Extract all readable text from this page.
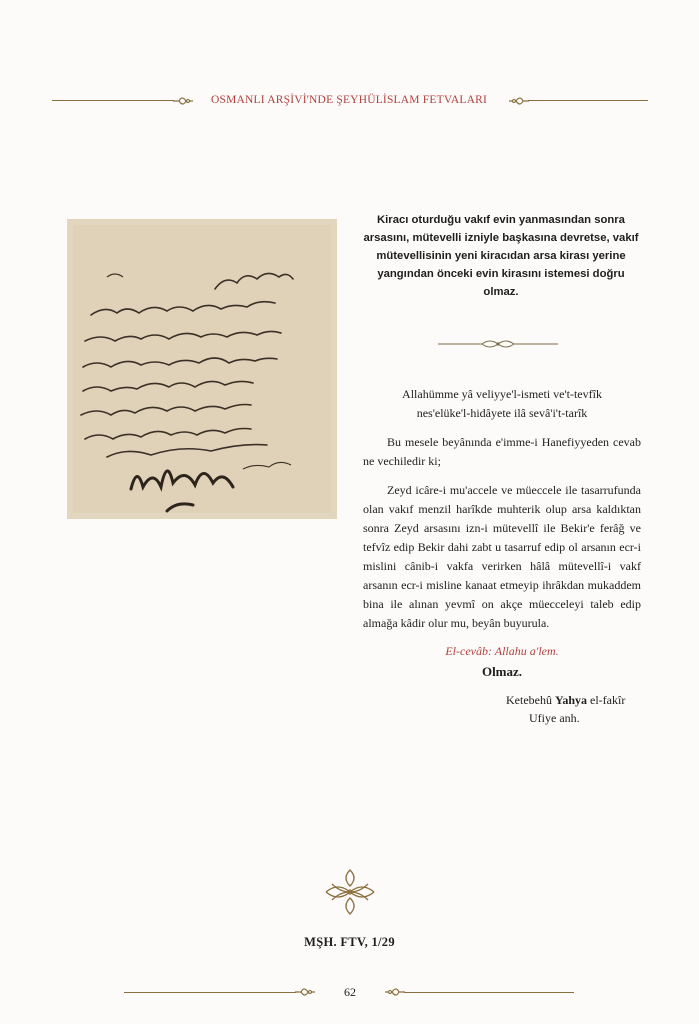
OSMANLI ARŞİVİ'NDE ŞEYHÜLİSLAM FETVALARI
Kiracı oturduğu vakıf evin yanmasından sonra arsasını, mütevelli izniyle başkasına devretse, vakıf mütevellisinin yeni kiracıdan arsa kirası yerine yangından önceki evin kirasını istemesi doğru olmaz.
Allahümme yâ veliyye'l-ismeti ve't-tevfîk
nes'elüke'l-hidâyete ilâ sevâ'i't-tarîk

Bu mesele beyânında e'imme-i Hanefiyyeden cevab ne vechiledir ki;

Zeyd icâre-i mu'accele ve müeccele ile tasarrufunda olan vakıf menzil harîkde muhterik olup arsa kaldıktan sonra Zeyd arsasını izn-i mütevellî ile Bekir'e ferâğ ve tefvîz edip Bekir dahi zabt u tasarruf edip ol arsanın ecr-i mislini cânib-i vakfa verirken hâlâ mütevellî-i vakf arsanın ecr-i misline kanaat etmeyip ihrâkdan mukaddem bina ile alınan yevmî on akçe müecceleyi taleb edip almağa kâdir olur mu, beyân buyurula.

El-cevâb: Allahu a'lem.
Olmaz.
Ketebehû Yahya el-fakîr
Ufiye anh.
MŞH. FTV, 1/29
62
